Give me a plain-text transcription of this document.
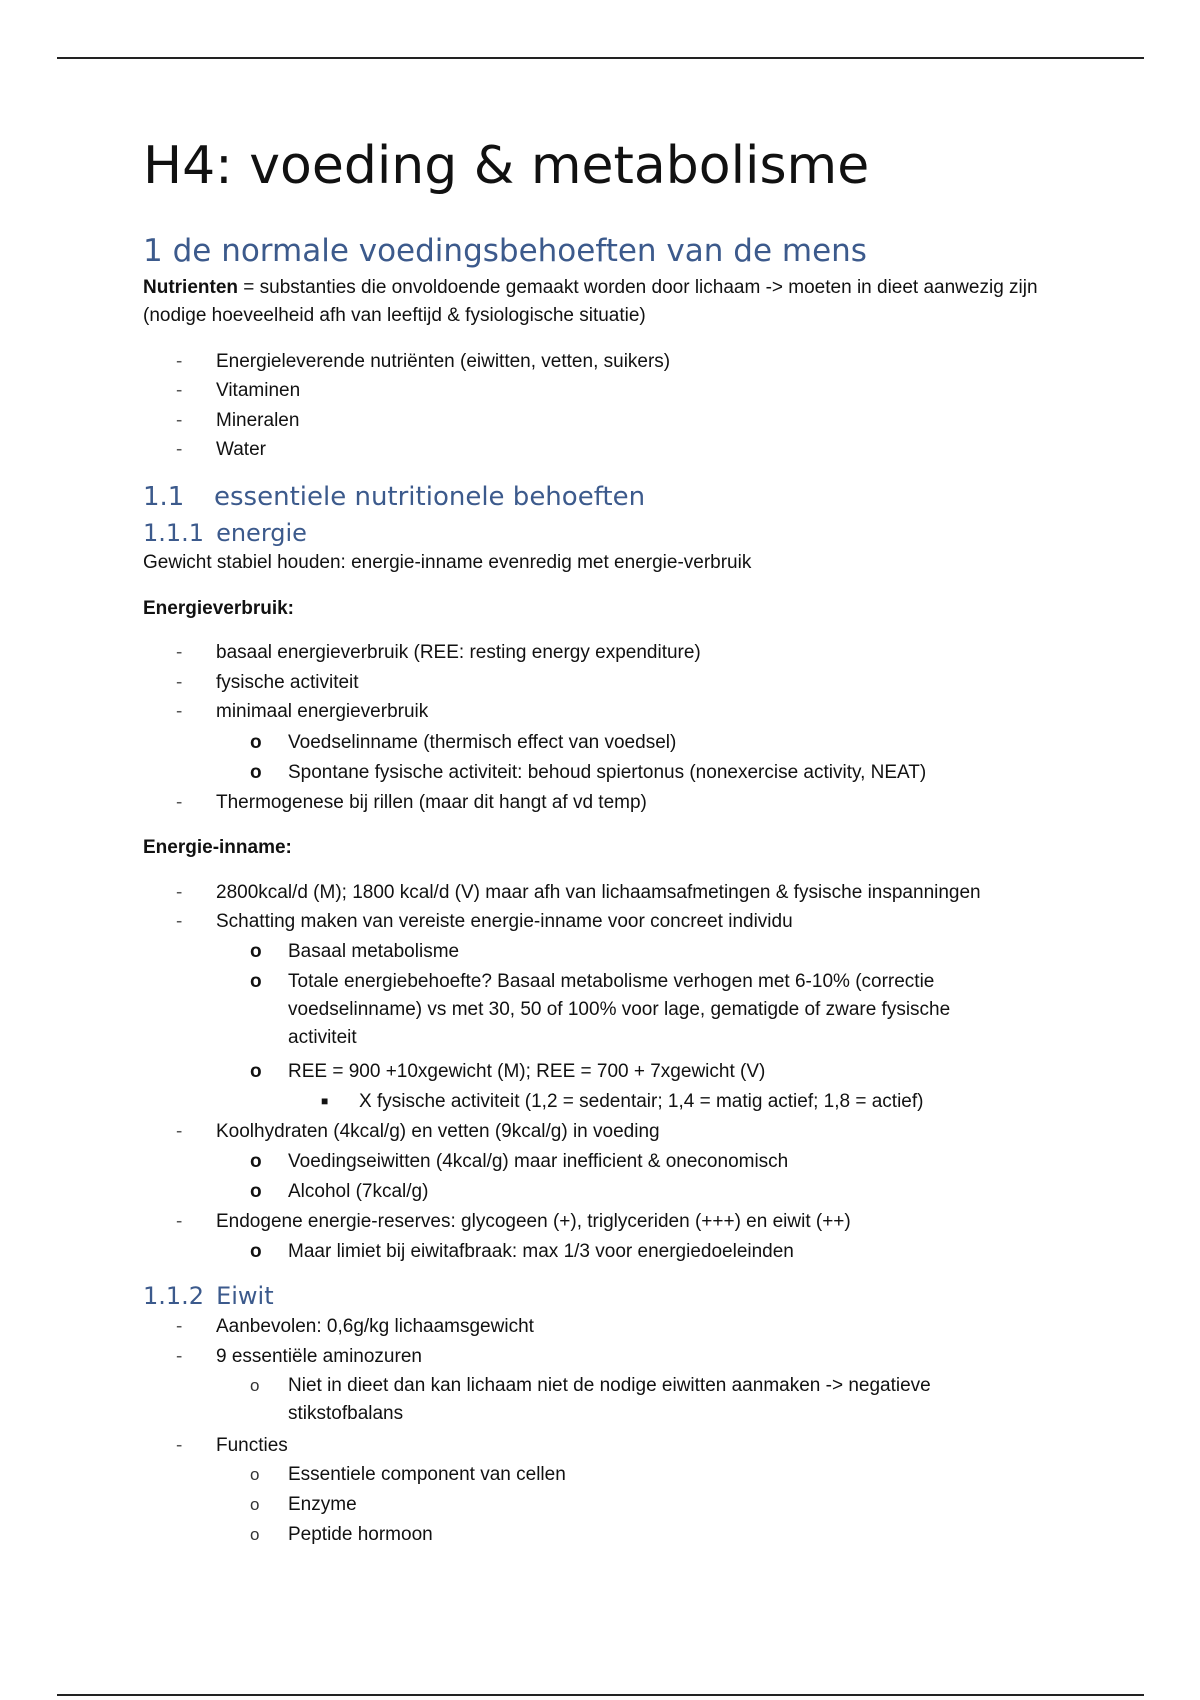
H4: voeding & metabolisme
1 de normale voedingsbehoeften van de mens
Nutrienten = substanties die onvoldoende gemaakt worden door lichaam -> moeten in dieet aanwezig zijn (nodige hoeveelheid afh van leeftijd & fysiologische situatie)
- Energieleverende nutriënten (eiwitten, vetten, suikers)
- Vitaminen
- Mineralen
- Water
1.1 essentiele nutritionele behoeften
1.1.1 energie
Gewicht stabiel houden: energie-inname evenredig met energie-verbruik
Energieverbruik:
- basaal energieverbruik (REE: resting energy expenditure)
- fysische activiteit
- minimaal energieverbruik
o Voedselinname (thermisch effect van voedsel)
o Spontane fysische activiteit: behoud spiertonus (nonexercise activity, NEAT)
- Thermogenese bij rillen (maar dit hangt af vd temp)
Energie-inname:
- 2800kcal/d (M); 1800 kcal/d (V) maar afh van lichaamsafmetingen & fysische inspanningen
- Schatting maken van vereiste energie-inname voor concreet individu
o Basaal metabolisme
o Totale energiebehoefte? Basaal metabolisme verhogen met 6-10% (correctie voedselinname) vs met 30, 50 of 100% voor lage, gematigde of zware fysische activiteit
o REE = 900 +10xgewicht (M); REE = 700 + 7xgewicht (V)
■ X fysische activiteit (1,2 = sedentair; 1,4 = matig actief; 1,8 = actief)
- Koolhydraten (4kcal/g) en vetten (9kcal/g) in voeding
o Voedingseiwitten (4kcal/g) maar inefficient & oneconomisch
o Alcohol (7kcal/g)
- Endogene energie-reserves: glycogeen (+), triglyceriden (+++) en eiwit (++)
o Maar limiet bij eiwitafbraak: max 1/3 voor energiedoeleinden
1.1.2 Eiwit
- Aanbevolen: 0,6g/kg lichaamsgewicht
- 9 essentiële aminozuren
o Niet in dieet dan kan lichaam niet de nodige eiwitten aanmaken -> negatieve stikstofbalans
- Functies
o Essentiele component van cellen
o Enzyme
o Peptide hormoon
